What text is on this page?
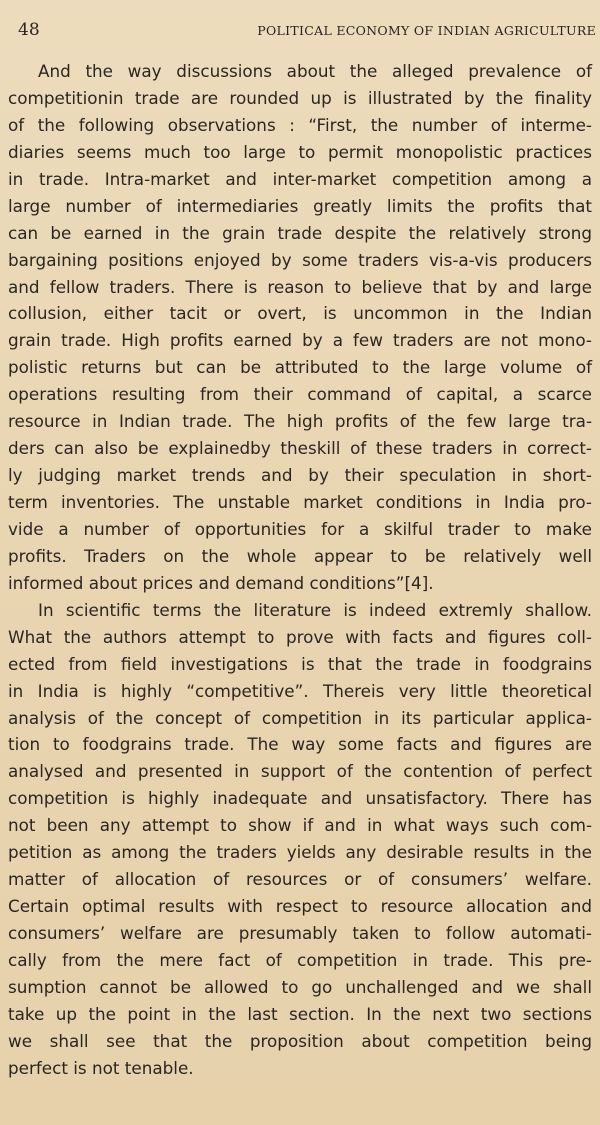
48	POLITICAL ECONOMY OF INDIAN AGRICULTURE

And the way discussions about the alleged prevalence of

competitionin trade are rounded up is illustrated by the finality

of the following observations : “First, the number of interme-

diaries seems much too large to permit monopolistic practices

in trade. Intra-market and inter-market competition among a

large number of intermediaries greatly limits the profits that

can be earned in the grain trade despite the relatively strong

bargaining positions enjoyed by some traders vis-a-vis producers

and fellow traders. There is reason to believe that by and large

collusion, either tacit or overt, is uncommon in the Indian

grain trade. High profits earned by a few traders are not mono-

polistic returns but can be attributed to the large volume of

operations resulting from their command of capital, a scarce

resource in Indian trade. The high profits of the few large tra-

ders can also be explainedby theskill of these traders in correct-

ly judging market trends and by their speculation in short-

term inventories. The unstable market conditions in India pro-

vide a number of opportunities for a skilful trader to make

profits. Traders on the whole appear to be relatively well

informed about prices and demand conditions”[4].

In scientific terms the literature is indeed extremly shallow.

What the authors attempt to prove with facts and figures coll-

ected from field investigations is that the trade in foodgrains

in India is highly “competitive”. Thereis very little theoretical

analysis of the concept of competition in its particular applica-

tion to foodgrains trade. The way some facts and figures are

analysed and presented in support of the contention of perfect

competition is highly inadequate and unsatisfactory. There has

not been any attempt to show if and in what ways such com-

petition as among the traders yields any desirable results in the

matter of allocation of resources or of consumers’ welfare.

Certain optimal results with respect to resource allocation and

consumers’ welfare are presumably taken to follow automati-

cally from the mere fact of competition in trade. This pre-

sumption cannot be allowed to go unchallenged and we shall

take up the point in the last section. In the next two sections

we shall see that the proposition about competition being

perfect is not tenable.
